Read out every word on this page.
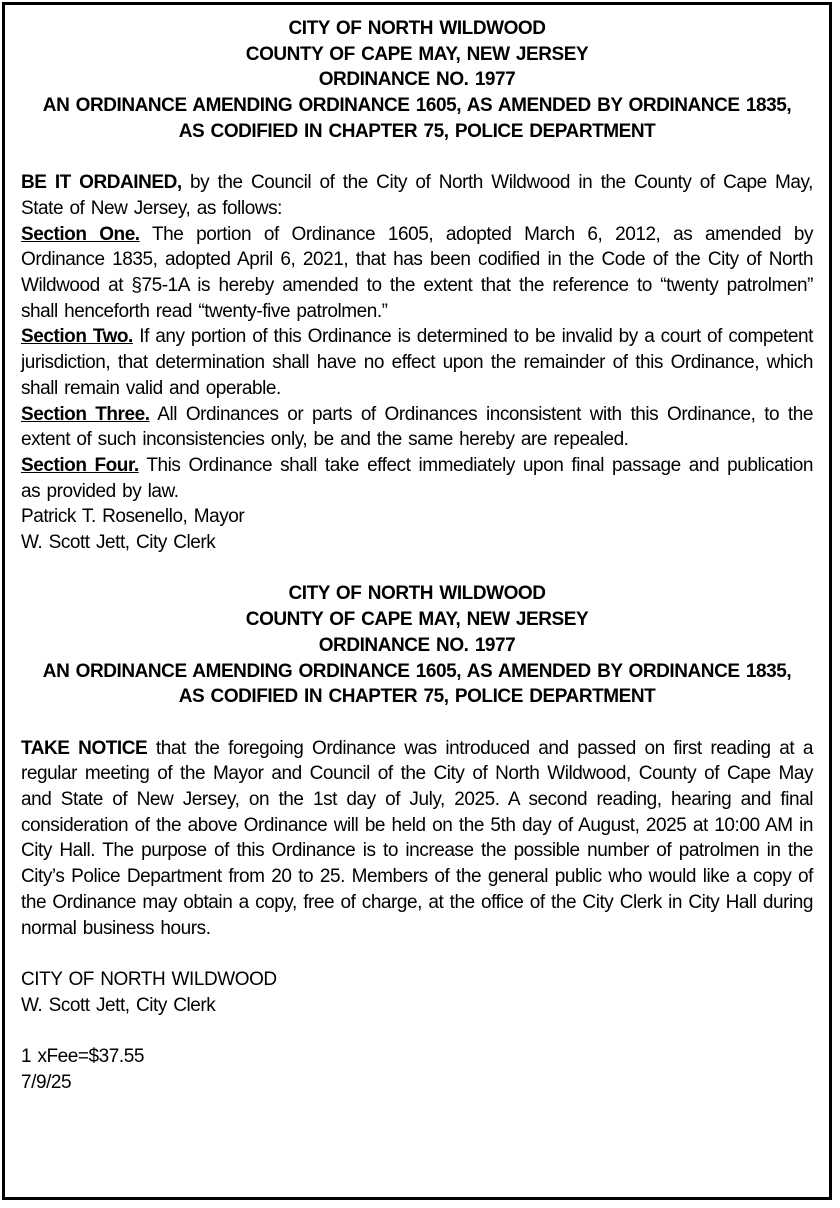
CITY OF NORTH WILDWOOD
COUNTY OF CAPE MAY, NEW JERSEY
ORDINANCE NO. 1977
AN ORDINANCE AMENDING ORDINANCE 1605, AS AMENDED BY ORDINANCE 1835,
AS CODIFIED IN CHAPTER 75, POLICE DEPARTMENT

BE IT ORDAINED, by the Council of the City of North Wildwood in the County of Cape May, State of New Jersey, as follows:

Section One. The portion of Ordinance 1605, adopted March 6, 2012, as amended by Ordinance 1835, adopted April 6, 2021, that has been codified in the Code of the City of North Wildwood at §75-1A is hereby amended to the extent that the reference to “twenty patrolmen” shall henceforth read “twenty-five patrolmen.”

Section Two. If any portion of this Ordinance is determined to be invalid by a court of competent jurisdiction, that determination shall have no effect upon the remainder of this Ordinance, which shall remain valid and operable.

Section Three. All Ordinances or parts of Ordinances inconsistent with this Ordinance, to the extent of such inconsistencies only, be and the same hereby are repealed.

Section Four. This Ordinance shall take effect immediately upon final passage and publication as provided by law.

Patrick T. Rosenello, Mayor
W. Scott Jett, City Clerk
CITY OF NORTH WILDWOOD
COUNTY OF CAPE MAY, NEW JERSEY
ORDINANCE NO. 1977
AN ORDINANCE AMENDING ORDINANCE 1605, AS AMENDED BY ORDINANCE 1835,
AS CODIFIED IN CHAPTER 75, POLICE DEPARTMENT

TAKE NOTICE that the foregoing Ordinance was introduced and passed on first reading at a regular meeting of the Mayor and Council of the City of North Wildwood, County of Cape May and State of New Jersey, on the 1st day of July, 2025. A second reading, hearing and final consideration of the above Ordinance will be held on the 5th day of August, 2025 at 10:00 AM in City Hall. The purpose of this Ordinance is to increase the possible number of patrolmen in the City’s Police Department from 20 to 25. Members of the general public who would like a copy of the Ordinance may obtain a copy, free of charge, at the office of the City Clerk in City Hall during normal business hours.

CITY OF NORTH WILDWOOD
W. Scott Jett, City Clerk
1 xFee=$37.55
7/9/25
